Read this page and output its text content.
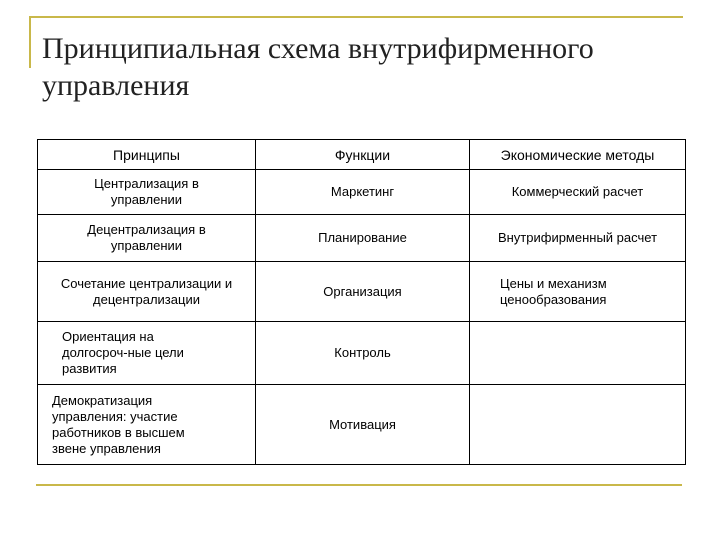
Принципиальная схема внутрифирменного управления
Принципы	Функции	Экономические методы
Централизация в
управлении	Маркетинг	Коммерческий расчет
Децентрализация в
управлении	Планирование	Внутрифирменный расчет
Сочетание централизации и
децентрализации	Организация	Цены и механизм
ценообразования
Ориентация на
долгосроч-ные цели
развития	Контроль	
Демократизация
управления: участие
работников в высшем
звене управления	Мотивация	
